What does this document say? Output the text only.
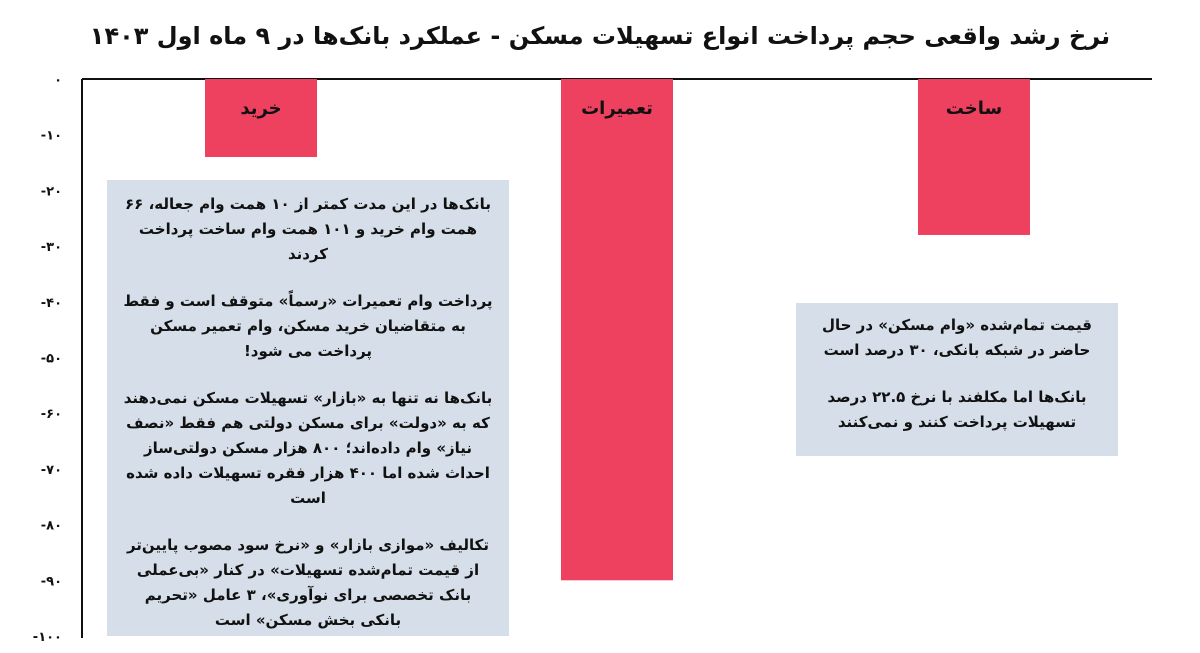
نرخ رشد واقعی حجم پرداخت انواع تسهیلات مسکن - عملکرد بانک‌ها در ۹ ماه اول ۱۴۰۳
۰
-۱۰
-۲۰
-۳۰
-۴۰
-۵۰
-۶۰
-۷۰
-۸۰
-۹۰
-۱۰۰
خرید	تعمیرات	ساخت

بانک‌ها در این مدت کمتر از ۱۰ همت وام جعاله، ۶۶ همت وام خرید و ۱۰۱ همت وام ساخت پرداخت کردند

پرداخت وام تعمیرات «رسماً» متوقف است و فقط به متقاضیان خرید مسکن، وام تعمیر مسکن پرداخت می شود!

بانک‌ها نه تنها به «بازار» تسهیلات مسکن نمی‌دهند که به «دولت» برای مسکن دولتی هم فقط «نصف نیاز» وام داده‌اند؛ ۸۰۰ هزار مسکن دولتی‌ساز احداث شده اما ۴۰۰ هزار فقره تسهیلات داده شده است

تکالیف «موازی بازار» و «نرخ سود مصوب پایین‌تر از قیمت تمام‌شده تسهیلات» در کنار «بی‌عملی بانک تخصصی برای نوآوری»، ۳ عامل «تحریم بانکی بخش مسکن» است

قیمت تمام‌شده «وام مسکن» در حال حاضر در شبکه بانکی، ۳۰ درصد است

بانک‌ها اما مکلفند با نرخ ۲۲.۵ درصد تسهیلات پرداخت کنند و نمی‌کنند
